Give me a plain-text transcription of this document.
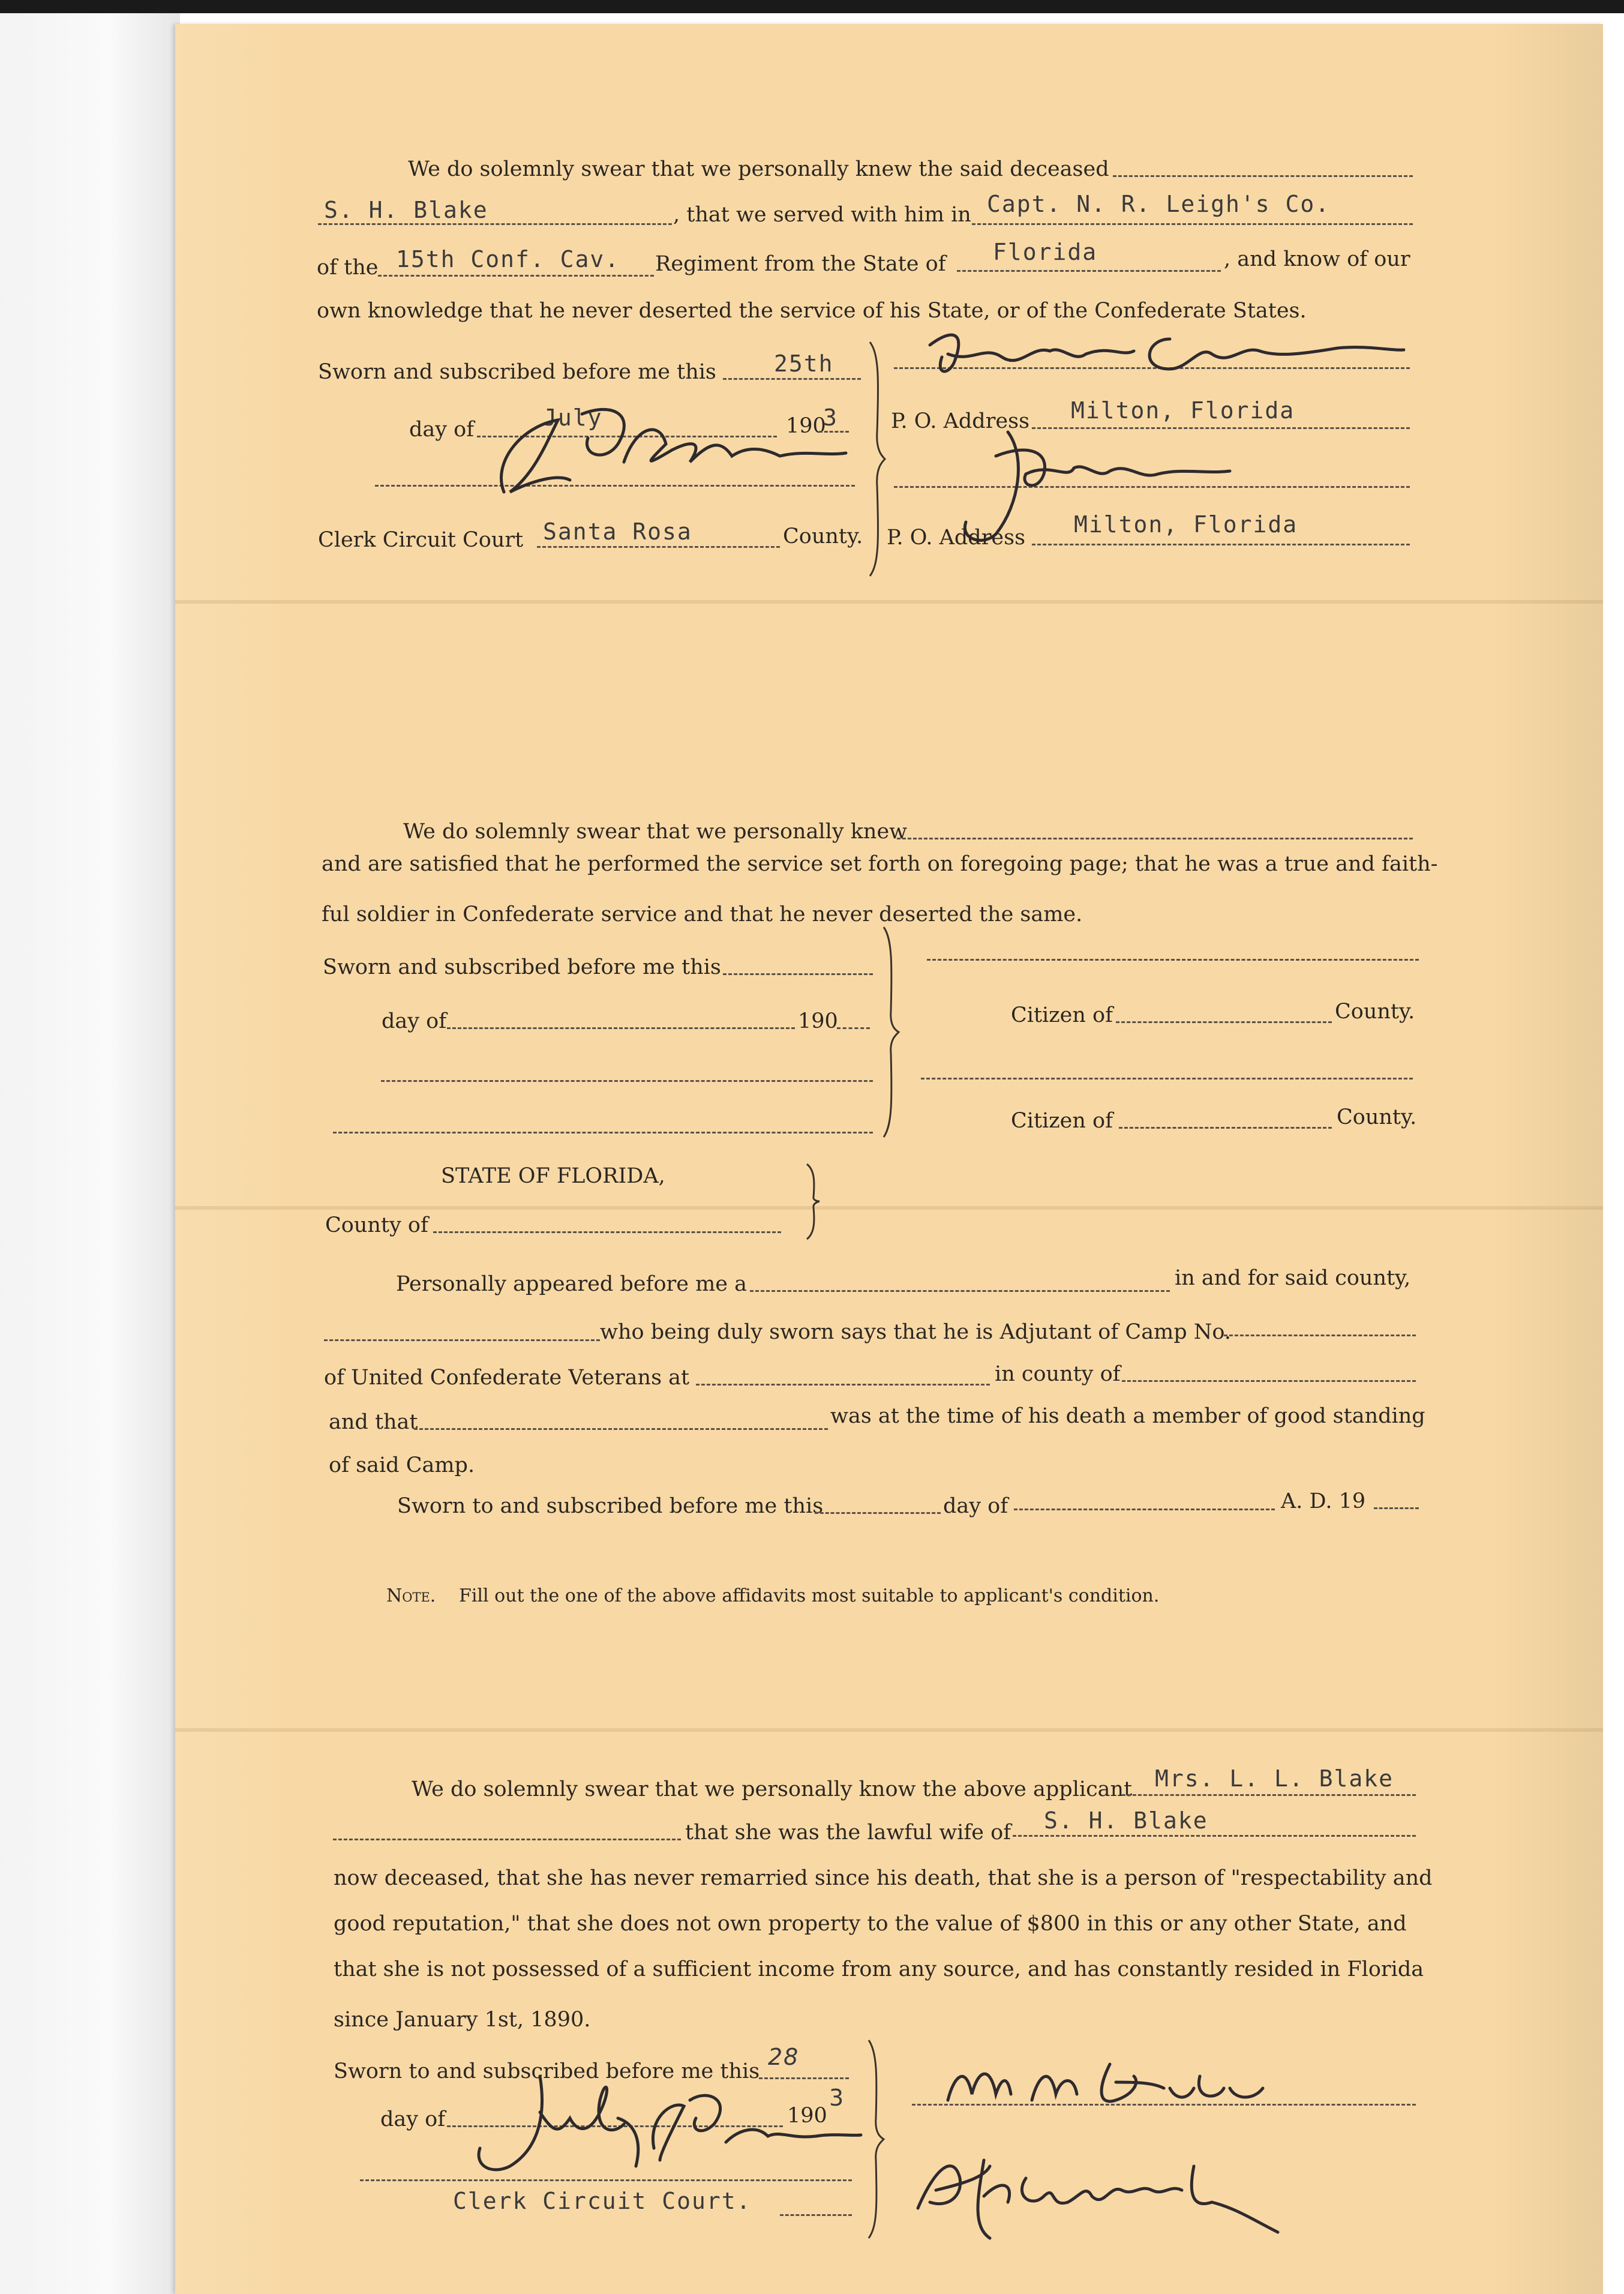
We do solemnly swear that we personally knew the said deceased
S. H. Blake	, that we served with him in Capt. N. R. Leigh's Co.
of the 15th Conf. Cav. Regiment from the State of Florida	, and know of our
own knowledge that he never deserted the service of his State, or of the Confederate States.
Sworn and subscribed before me this	25th
day of	July	190
3
Clerk Circuit Court Santa Rosa	County.
P. O. Address Milton, Florida
P. O. Address Milton, Florida
We do solemnly swear that we personally knew
and are satisfied that he performed the service set forth on foregoing page; that he was a true and faith-
ful soldier in Confederate service and that he never deserted the same.
Sworn and subscribed before me this
day of	190	Citizen of	County.
Citizen of	County.
STATE OF FLORIDA,
County of
Personally appeared before me a	in and for said county,
who being duly sworn says that he is Adjutant of Camp No.
of United Confederate Veterans at	in county of
and that	was at the time of his death a member of good standing
of said Camp.
Sworn to and subscribed before me this	day of	A. D. 19
Note. Fill out the one of the above affidavits most suitable to applicant's condition.
We do solemnly swear that we personally know the above applicant Mrs. L. L. Blake
that she was the lawful wife of S. H. Blake
now deceased, that she has never remarried since his death, that she is a person of "respectability and
good reputation," that she does not own property to the value of $800 in this or any other State, and
that she is not possessed of a sufficient income from any source, and has constantly resided in Florida
since January 1st, 1890.
Sworn to and subscribed before me this
28
day of	190
3
Clerk Circuit Court.
